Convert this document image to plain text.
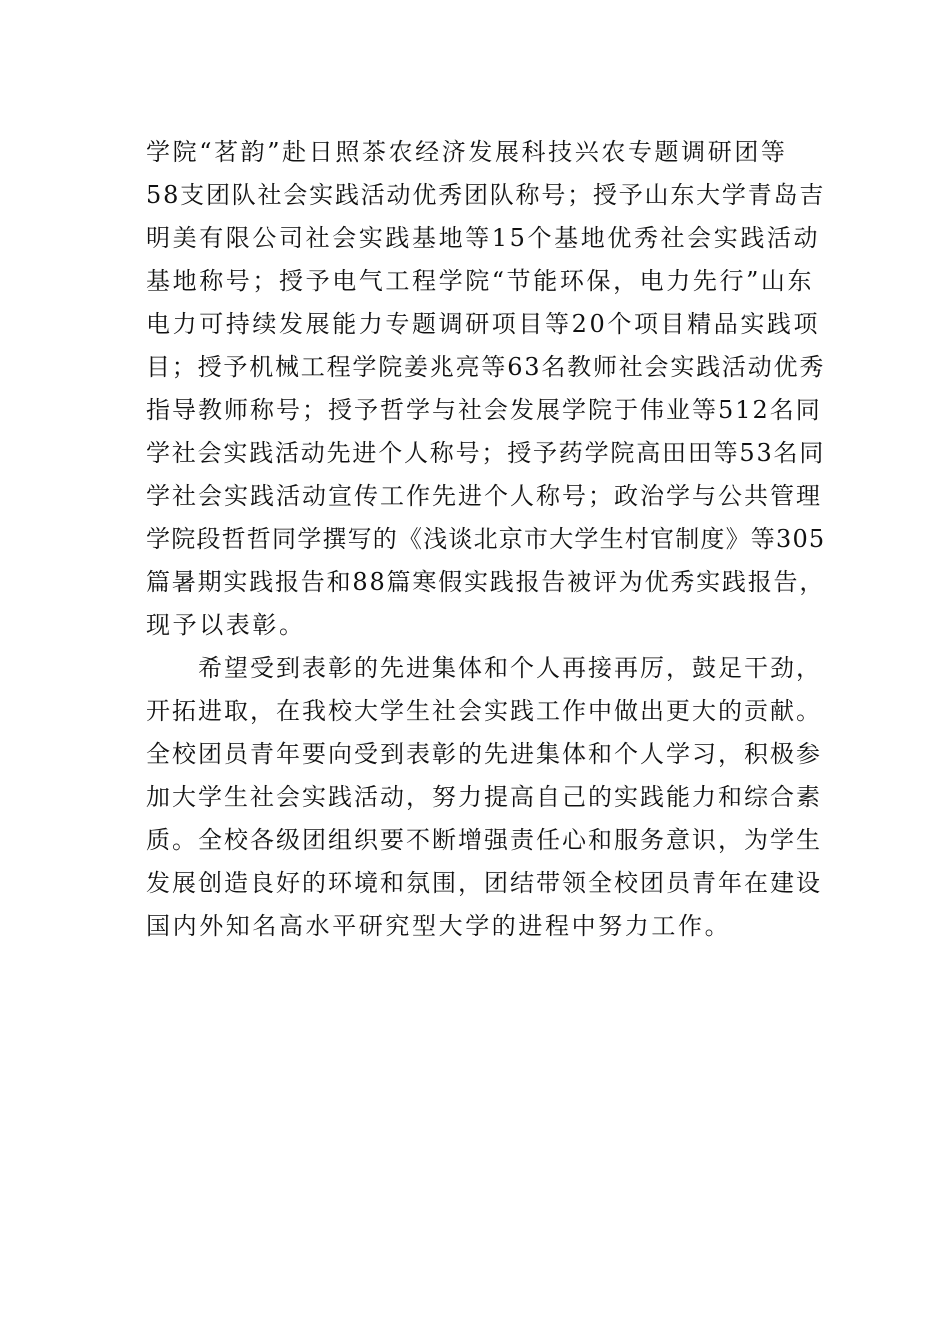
学院“茗韵”赴日照茶农经济发展科技兴农专题调研团等
58支团队社会实践活动优秀团队称号；授予山东大学青岛吉
明美有限公司社会实践基地等15个基地优秀社会实践活动
基地称号；授予电气工程学院“节能环保，电力先行”山东
电力可持续发展能力专题调研项目等20个项目精品实践项
目；授予机械工程学院姜兆亮等63名教师社会实践活动优秀
指导教师称号；授予哲学与社会发展学院于伟业等512名同
学社会实践活动先进个人称号；授予药学院高田田等53名同
学社会实践活动宣传工作先进个人称号；政治学与公共管理
学院段哲哲同学撰写的《浅谈北京市大学生村官制度》等305
篇暑期实践报告和88篇寒假实践报告被评为优秀实践报告，
现予以表彰。
希望受到表彰的先进集体和个人再接再厉，鼓足干劲，
开拓进取，在我校大学生社会实践工作中做出更大的贡献。
全校团员青年要向受到表彰的先进集体和个人学习，积极参
加大学生社会实践活动，努力提高自己的实践能力和综合素
质。全校各级团组织要不断增强责任心和服务意识，为学生
发展创造良好的环境和氛围，团结带领全校团员青年在建设
国内外知名高水平研究型大学的进程中努力工作。
